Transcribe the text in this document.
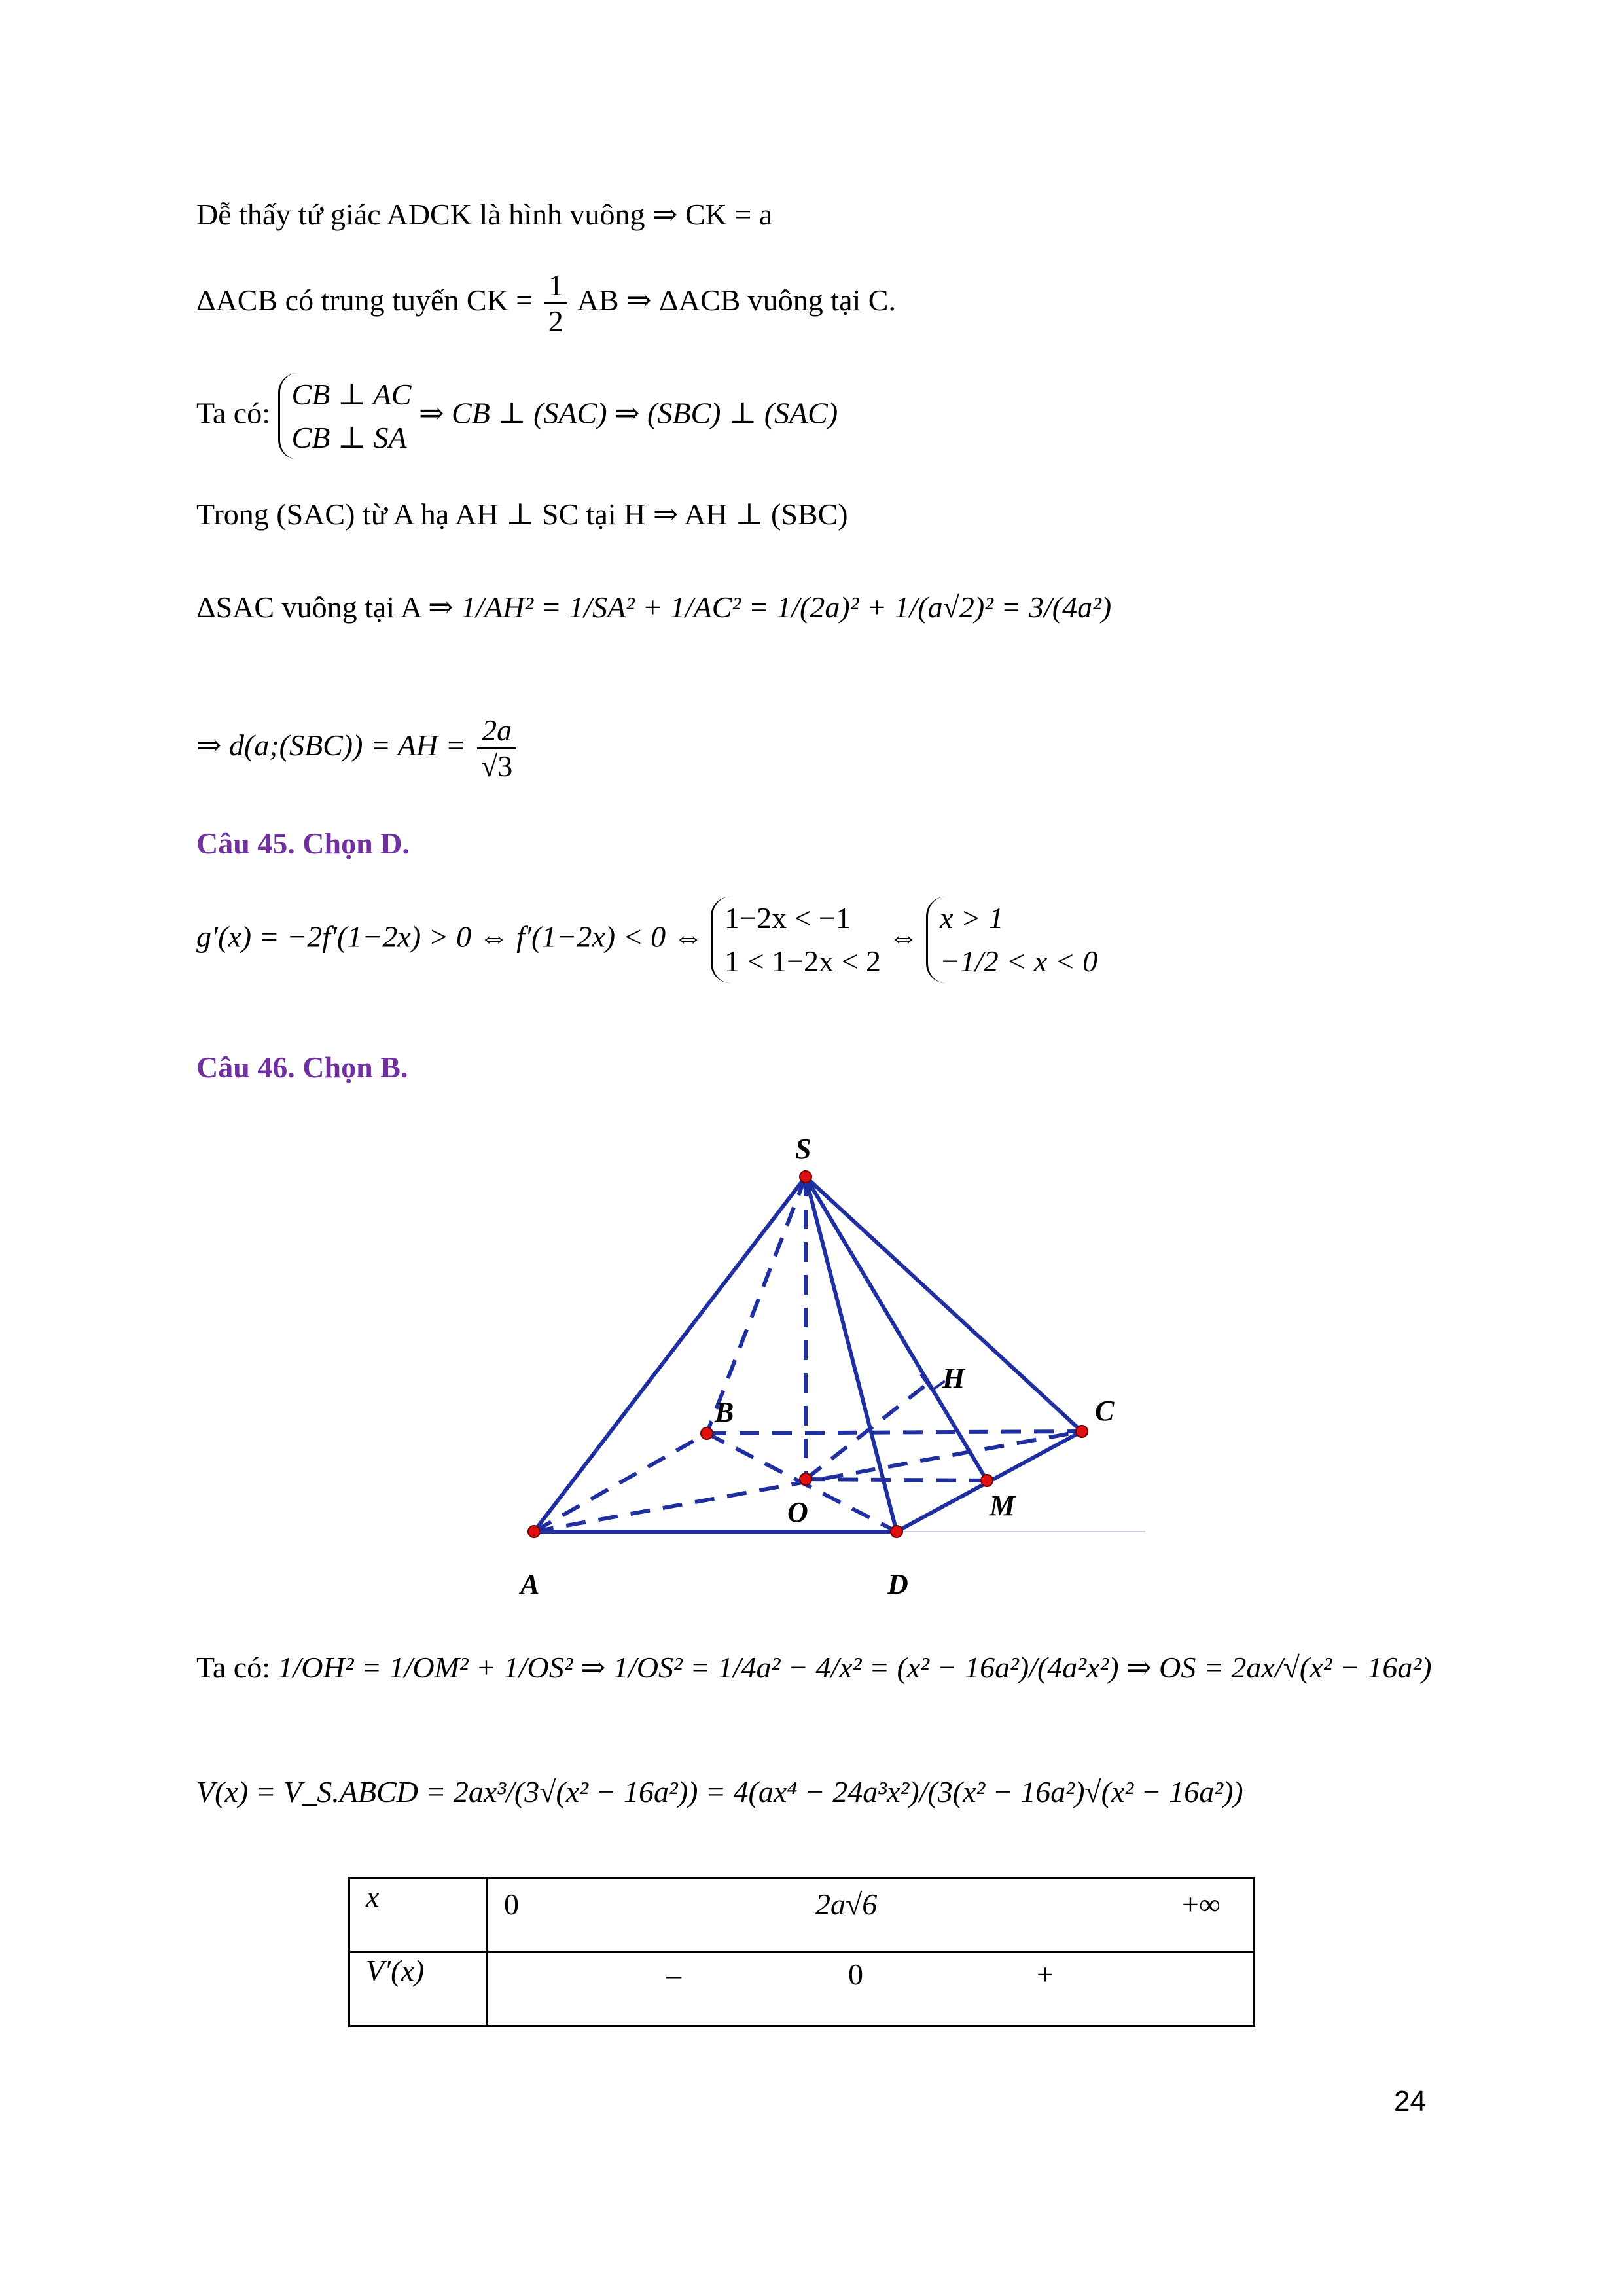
Dễ thấy tứ giác ADCK là hình vuông ⇒ CK = a
ΔACB có trung tuyến CK = $\frac{1}{2}$ AB ⇒ ΔACB vuông tại C.
Ta có:
CB ⊥ AC
CB ⊥ SA
⇒ CB ⊥ (SAC) ⇒ (SBC) ⊥ (SAC)
Trong (SAC) từ A hạ AH ⊥ SC tại H ⇒ AH ⊥ (SBC)
ΔSAC vuông tại A ⇒ 1/AH² = 1/SA² + 1/AC² = 1/(2a)² + 1/(a√2)² = 3/(4a²)
⇒ d(a;(SBC)) = AH = $\frac{2a}{√3}$
Câu 45. Chọn D.
g′(x) = −2f′(1−2x) > 0 ⇔ f′(1−2x) < 0 ⇔
1−2x < −1
1 < 1−2x < 2
⇔
x > 1
−1/2 < x < 0
Câu 46. Chọn B.
S
B
H
C
O	M
A	D
Ta có: 1/OH² = 1/OM² + 1/OS² ⇒ 1/OS² = 1/4a² − 4/x² = (x² − 16a²)/(4a²x²) ⇒ OS = 2ax/√(x² − 16a²)
V(x) = V_S.ABCD = 2ax³/(3√(x² − 16a²)) = 4(ax⁴ − 24a³x²)/(3(x² − 16a²)√(x² − 16a²))
x	0 2a√6 +∞

V′(x)	– 0 +
24
